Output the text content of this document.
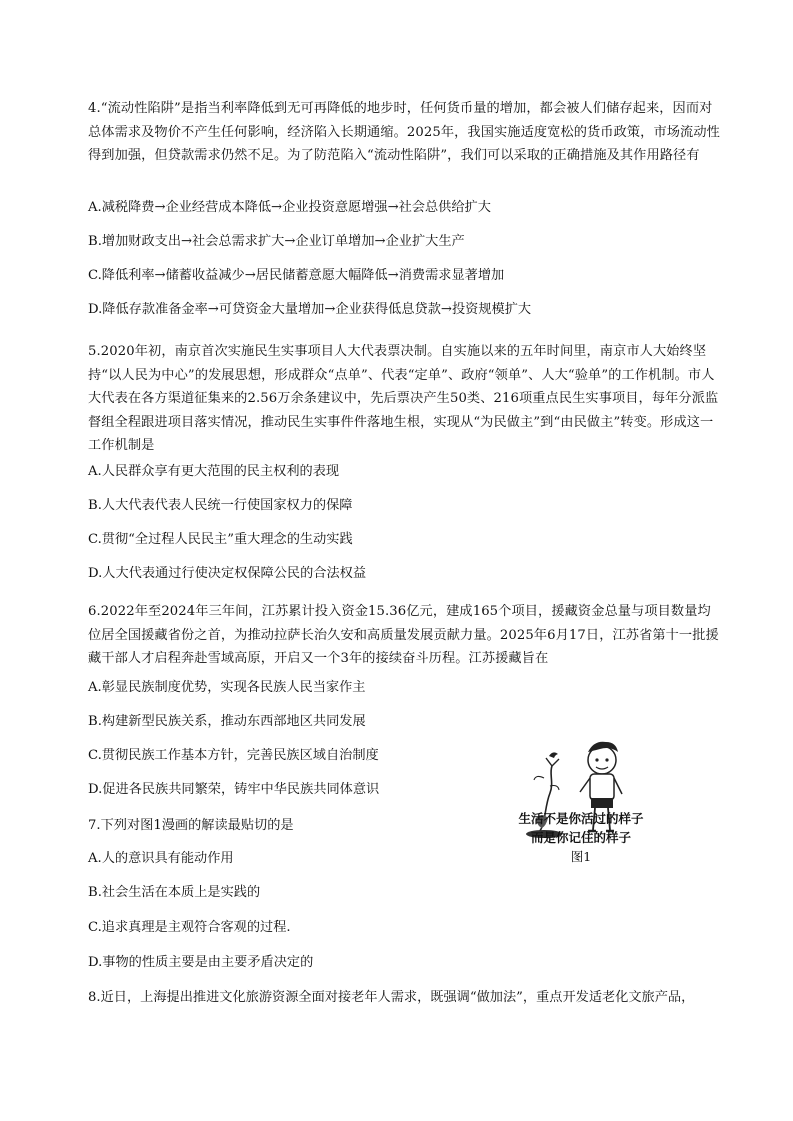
4.“流动性陷阱”是指当利率降低到无可再降低的地步时，任何货币量的增加，都会被人们储存起来，因而对总体需求及物价不产生任何影响，经济陷入长期通缩。2025年，我国实施适度宽松的货币政策，市场流动性得到加强，但贷款需求仍然不足。为了防范陷入“流动性陷阱”，我们可以采取的正确措施及其作用路径有
A.减税降费→企业经营成本降低→企业投资意愿增强→社会总供给扩大
B.增加财政支出→社会总需求扩大→企业订单增加→企业扩大生产
C.降低利率→储蓄收益减少→居民储蓄意愿大幅降低→消费需求显著增加
D.降低存款准备金率→可贷资金大量增加→企业获得低息贷款→投资规模扩大
5.2020年初，南京首次实施民生实事项目人大代表票决制。自实施以来的五年时间里，南京市人大始终坚持“以人民为中心”的发展思想，形成群众“点单”、代表“定单”、政府“领单”、人大“验单”的工作机制。市人大代表在各方渠道征集来的2.56万余条建议中，先后票决产生50类、216项重点民生实事项目，每年分派监督组全程跟进项目落实情况，推动民生实事件件落地生根，实现从“为民做主”到“由民做主”转变。形成这一工作机制是
A.人民群众享有更大范围的民主权利的表现
B.人大代表代表人民统一行使国家权力的保障
C.贯彻“全过程人民民主”重大理念的生动实践
D.人大代表通过行使决定权保障公民的合法权益
6.2022年至2024年三年间，江苏累计投入资金15.36亿元，建成165个项目，援藏资金总量与项目数量均位居全国援藏省份之首，为推动拉萨长治久安和高质量发展贡献力量。2025年6月17日，江苏省第十一批援藏干部人才启程奔赴雪域高原，开启又一个3年的接续奋斗历程。江苏援藏旨在
A.彰显民族制度优势，实现各民族人民当家作主
B.构建新型民族关系，推动东西部地区共同发展
C.贯彻民族工作基本方针，完善民族区域自治制度
D.促进各民族共同繁荣，铸牢中华民族共同体意识
7.下列对图1漫画的解读最贴切的是
A.人的意识具有能动作用
B.社会生活在本质上是实践的
C.追求真理是主观符合客观的过程.
D.事物的性质主要是由主要矛盾决定的
8.近日，上海提出推进文化旅游资源全面对接老年人需求，既强调“做加法”，重点开发适老化文旅产品，
生活不是你活过的样子
而是你记住的样子
图1
